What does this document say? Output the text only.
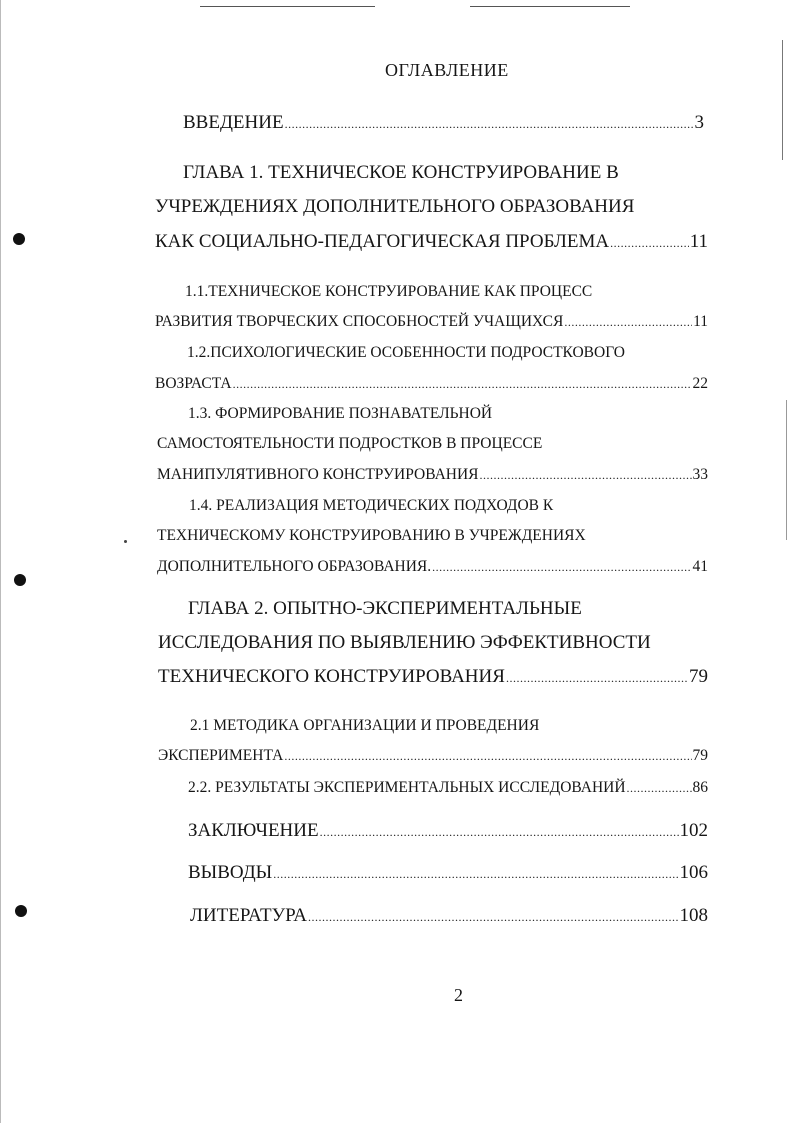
ОГЛАВЛЕНИЕ
ВВЕДЕНИЕ .....	3
ГЛАВА 1. ТЕХНИЧЕСКОЕ КОНСТРУИРОВАНИЕ В
УЧРЕЖДЕНИЯХ ДОПОЛНИТЕЛЬНОГО ОБРАЗОВАНИЯ
КАК СОЦИАЛЬНО-ПЕДАГОГИЧЕСКАЯ ПРОБЛЕМА .....	11
1.1.ТЕХНИЧЕСКОЕ КОНСТРУИРОВАНИЕ КАК ПРОЦЕСС
РАЗВИТИЯ ТВОРЧЕСКИХ СПОСОБНОСТЕЙ УЧАЩИХСЯ .....	11
1.2.ПСИХОЛОГИЧЕСКИЕ ОСОБЕННОСТИ ПОДРОСТКОВОГО
ВОЗРАСТА .....	22
1.3. ФОРМИРОВАНИЕ ПОЗНАВАТЕЛЬНОЙ
САМОСТОЯТЕЛЬНОСТИ ПОДРОСТКОВ В ПРОЦЕССЕ
МАНИПУЛЯТИВНОГО КОНСТРУИРОВАНИЯ .....	33
1.4. РЕАЛИЗАЦИЯ МЕТОДИЧЕСКИХ ПОДХОДОВ К
ТЕХНИЧЕСКОМУ КОНСТРУИРОВАНИЮ В УЧРЕЖДЕНИЯХ
ДОПОЛНИТЕЛЬНОГО ОБРАЗОВАНИЯ. .....	41
ГЛАВА 2. ОПЫТНО-ЭКСПЕРИМЕНТАЛЬНЫЕ
ИССЛЕДОВАНИЯ ПО ВЫЯВЛЕНИЮ ЭФФЕКТИВНОСТИ
ТЕХНИЧЕСКОГО КОНСТРУИРОВАНИЯ .....	79
2.1 МЕТОДИКА ОРГАНИЗАЦИИ И ПРОВЕДЕНИЯ
ЭКСПЕРИМЕНТА .....	79
2.2. РЕЗУЛЬТАТЫ ЭКСПЕРИМЕНТАЛЬНЫХ ИССЛЕДОВАНИЙ .....	86
ЗАКЛЮЧЕНИЕ .....	102
ВЫВОДЫ .....	106
ЛИТЕРАТУРА .....	108
2
